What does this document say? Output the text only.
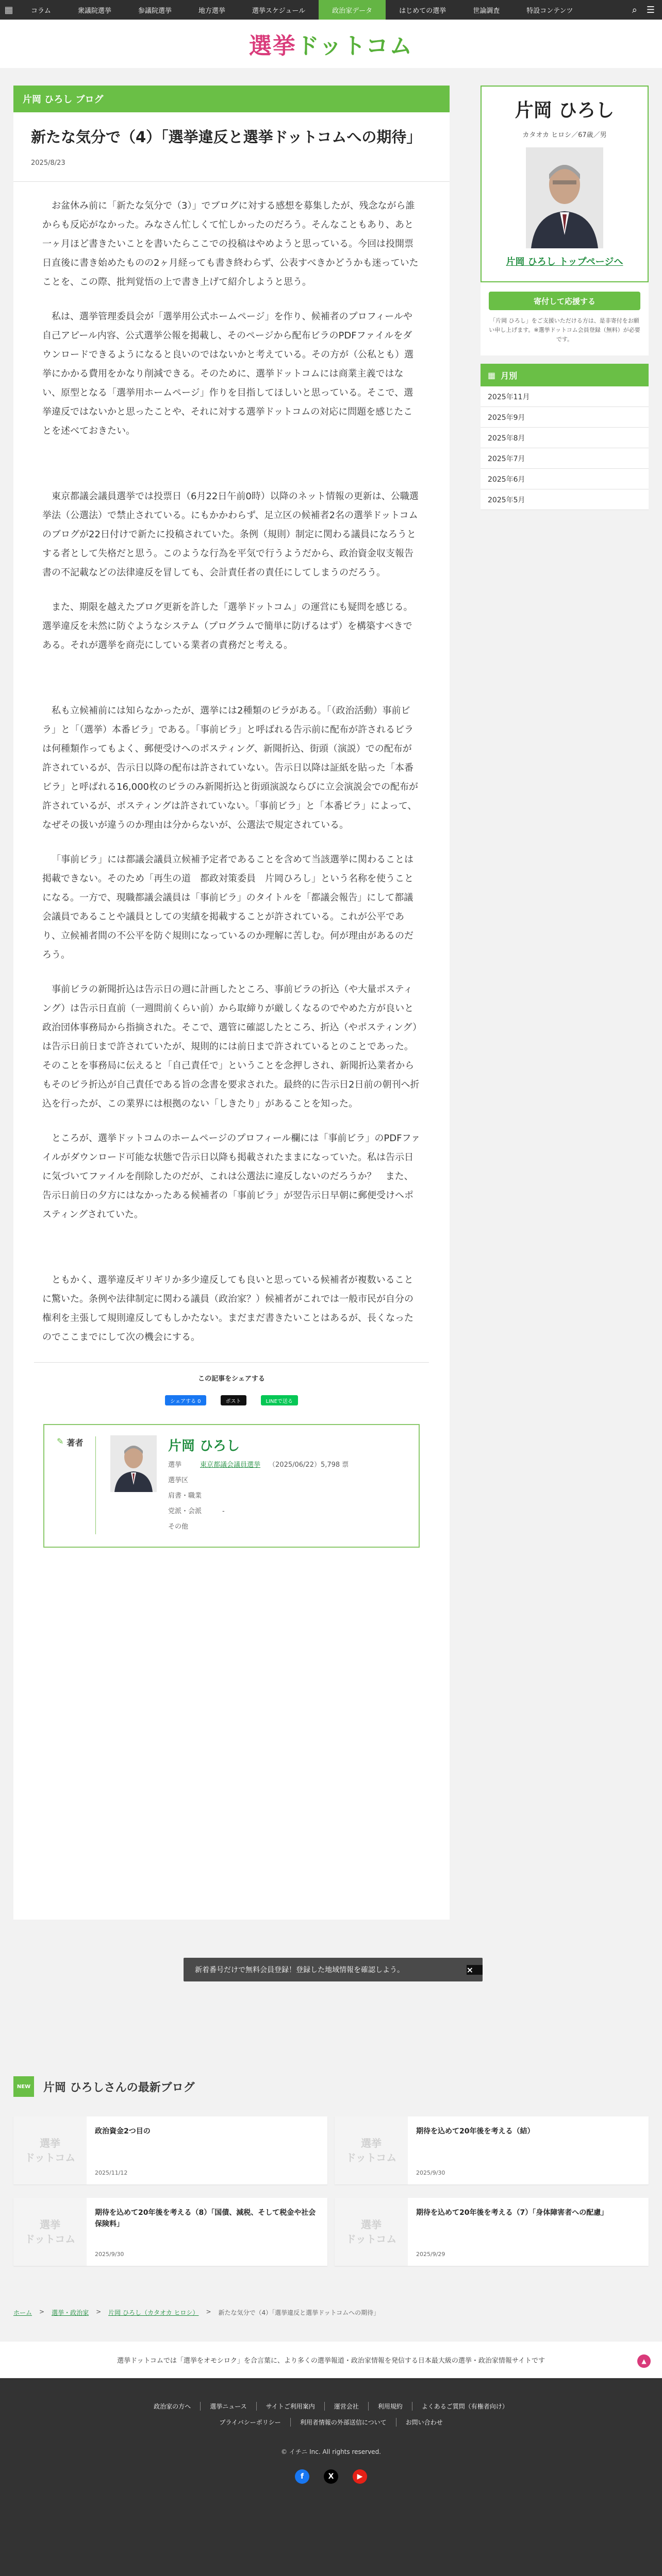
▦	コラム	衆議院選挙	参議院選挙	地方選挙	選挙スケジュール	政治家データ	はじめての選挙	世論調査	特設コンテンツ	⌕ ☰
選挙ドットコム
片岡 ひろし ブログ
新たな気分で（4）「選挙違反と選挙ドットコムへの期待」
2025/8/23

お盆休み前に「新たな気分で（3）」でブログに対する感想を募集したが、残念ながら誰からも反応がなかった。みなさん忙しくて忙しかったのだろう。そんなこともあり、あと一ヶ月ほど書きたいことを書いたらここでの投稿はやめようと思っている。今回は投開票日直後に書き始めたものの2ヶ月経っても書き終わらず、公表すべきかどうかも迷っていたことを、この際、批判覚悟の上で書き上げて紹介しようと思う。

私は、選挙管理委員会が「選挙用公式ホームページ」を作り、候補者のプロフィールや自己アピール内容、公式選挙公報を掲載し、そのページから配布ビラのPDFファイルをダウンロードできるようになると良いのではないかと考えている。その方が（公私とも）選挙にかかる費用をかなり削減できる。そのために、選挙ドットコムには商業主義ではない、原型となる「選挙用ホームページ」作りを目指してほしいと思っている。そこで、選挙違反ではないかと思ったことや、それに対する選挙ドットコムの対応に問題を感じたことを述べておきたい。

東京都議会議員選挙では投票日（6月22日午前0時）以降のネット情報の更新は、公職選挙法（公選法）で禁止されている。にもかかわらず、足立区の候補者2名の選挙ドットコムのブログが22日付けで新たに投稿されていた。条例（規則）制定に関わる議員になろうとする者として失格だと思う。このような行為を平気で行うようだから、政治資金収支報告書の不記載などの法律違反を冒しても、会計責任者の責任にしてしまうのだろう。

また、期限を越えたブログ更新を許した「選挙ドットコム」の運営にも疑問を感じる。選挙違反を未然に防ぐようなシステム（プログラムで簡単に防げるはず）を構築すべきである。それが選挙を商売にしている業者の責務だと考える。

私も立候補前には知らなかったが、選挙には2種類のビラがある。「（政治活動）事前ビラ」と「（選挙）本番ビラ」である。「事前ビラ」と呼ばれる告示前に配布が許されるビラは何種類作ってもよく、郵便受けへのポスティング、新聞折込、街頭（演説）での配布が許されているが、告示日以降の配布は許されていない。告示日以降は証紙を貼った「本番ビラ」と呼ばれる16,000枚のビラのみ新聞折込と街頭演説ならびに立会演説会での配布が許されているが、ポスティングは許されていない。「事前ビラ」と「本番ビラ」によって、なぜその扱いが違うのか理由は分からないが、公選法で規定されている。

「事前ビラ」には都議会議員立候補予定者であることを含めて当該選挙に関わることは掲載できない。そのため「再生の道　都政対策委員　片岡ひろし」という名称を使うことになる。一方で、現職都議会議員は「事前ビラ」のタイトルを「都議会報告」にして都議会議員であることや議員としての実績を掲載することが許されている。これが公平であり、立候補者間の不公平を防ぐ規則になっているのか理解に苦しむ。何が理由があるのだろう。

事前ビラの新聞折込は告示日の週に計画したところ、事前ビラの折込（や大量ポスティング）は告示日直前（一週間前くらい前）から取締りが厳しくなるのでやめた方が良いと政治団体事務局から指摘された。そこで、選管に確認したところ、折込（やポスティング）は告示日前日まで許されていたが、規則的には前日まで許されているとのことであった。そのことを事務局に伝えると「自己責任で」ということを念押しされ、新聞折込業者からもそのビラ折込が自己責任である旨の念書を要求された。最終的に告示日2日前の朝刊へ折込を行ったが、この業界には根拠のない「しきたり」があることを知った。

ところが、選挙ドットコムのホームページのプロフィール欄には「事前ビラ」のPDFファイルがダウンロード可能な状態で告示日以降も掲載されたままになっていた。私は告示日に気づいてファイルを削除したのだが、これは公選法に違反しないのだろうか？　また、告示日前日の夕方にはなかったある候補者の「事前ビラ」が翌告示日早朝に郵便受けへポスティングされていた。

ともかく、選挙違反ギリギリか多少違反しても良いと思っている候補者が複数いることに驚いた。条例や法律制定に関わる議員（政治家？）候補者がこれでは一般市民が自分の権利を主張して規則違反してもしかたない。まだまだ書きたいことはあるが、長くなったのでここまでにして次の機会にする。

この記事をシェアする
シェアする 0	ポスト	LINEで送る
✎ 著者	片岡 ひろし
選挙	東京都議会議員選挙 （2025/06/22）5,798 票
選挙区
肩書・職業
党派・会派	-
その他
新着番号だけで無料会員登録！登録した地域情報を確認しよう。	×
片岡 ひろし
カタオカ ヒロシ／67歳／男
片岡 ひろし トップページへ
寄付して応援する
「片岡 ひろし」をご支援いただける方は、是非寄付をお願い申し上げます。※選挙ドットコム会員登録（無料）が必要です。
▦ 月別
2025年11月
2025年9月
2025年8月
2025年7月
2025年6月
2025年5月
NEW	片岡 ひろしさんの最新ブログ
選挙
ドットコム
政治資金2つ目の
2025/11/12
選挙
ドットコム
期待を込めて20年後を考える（結）
2025/9/30
選挙
ドットコム
期待を込めて20年後を考える（8）「国債、減税、そして税金や社会保険料」
2025/9/30
選挙
ドットコム
期待を込めて20年後を考える（7）「身体障害者への配慮」
2025/9/29
ホーム > 選挙・政治家 > 片岡 ひろし（カタオカ ヒロシ） > 新たな気分で（4）「選挙違反と選挙ドットコムへの期待」
選挙ドットコムでは「選挙をオモシロク」を合言葉に、より多くの選挙報道・政治家情報を発信する日本最大級の選挙・政治家情報サイトです	▲
政治家の方へ	選挙ニュース	サイトご利用案内	運営会社	利用規約	よくあるご質問（有権者向け）
プライバシーポリシー	利用者情報の外部送信について	お問い合わせ
© イチニ Inc. All rights reserved.
f	X	▶
